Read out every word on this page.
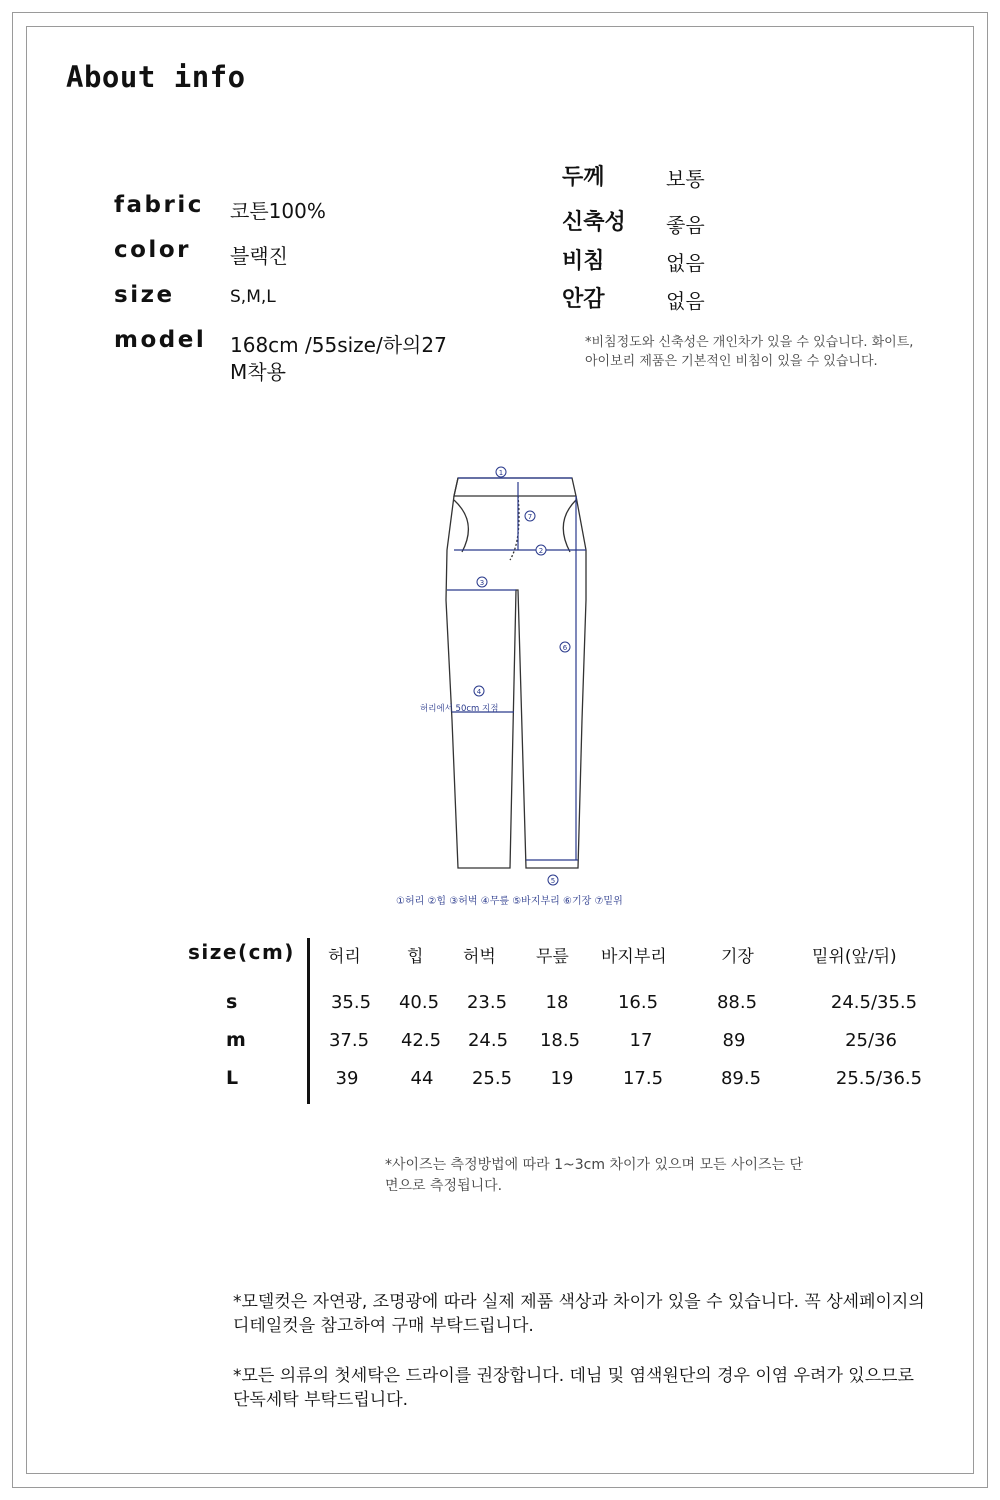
About info
fabric 코튼100%
color 블랙진
size	S,M,L
model 168cm /55size/하의27
M착용
두께	보통
신축성 좋음
비침	없음
안감	없음
*비침정도와 신축성은 개인차가 있을 수 있습니다. 화이트, 아이보리 제품은 기본적인 비침이 있을 수 있습니다.
1
2
3
4
5
6
7
허리에서 50cm 지점
①허리 ②힙 ③허벅 ④무릎 ⑤바지부리 ⑥기장 ⑦밑위
size(cm) 허리	힙 허벅 무릎 바지부리	기장	밑위(앞/뒤)
s	35.5 40.5 23.5 18	16.5	88.5	24.5/35.5
m	37.5 42.5 24.5 18.5	17	89	25/36
L	39	44 25.5 19	17.5	89.5	25.5/36.5
*사이즈는 측정방법에 따라 1~3cm 차이가 있으며 모든 사이즈는 단면으로 측정됩니다.

*모델컷은 자연광, 조명광에 따라 실제 제품 색상과 차이가 있을 수 있습니다. 꼭 상세페이지의 디테일컷을 참고하여 구매 부탁드립니다.

*모든 의류의 첫세탁은 드라이를 권장합니다. 데님 및 염색원단의 경우 이염 우려가 있으므로 단독세탁 부탁드립니다.
